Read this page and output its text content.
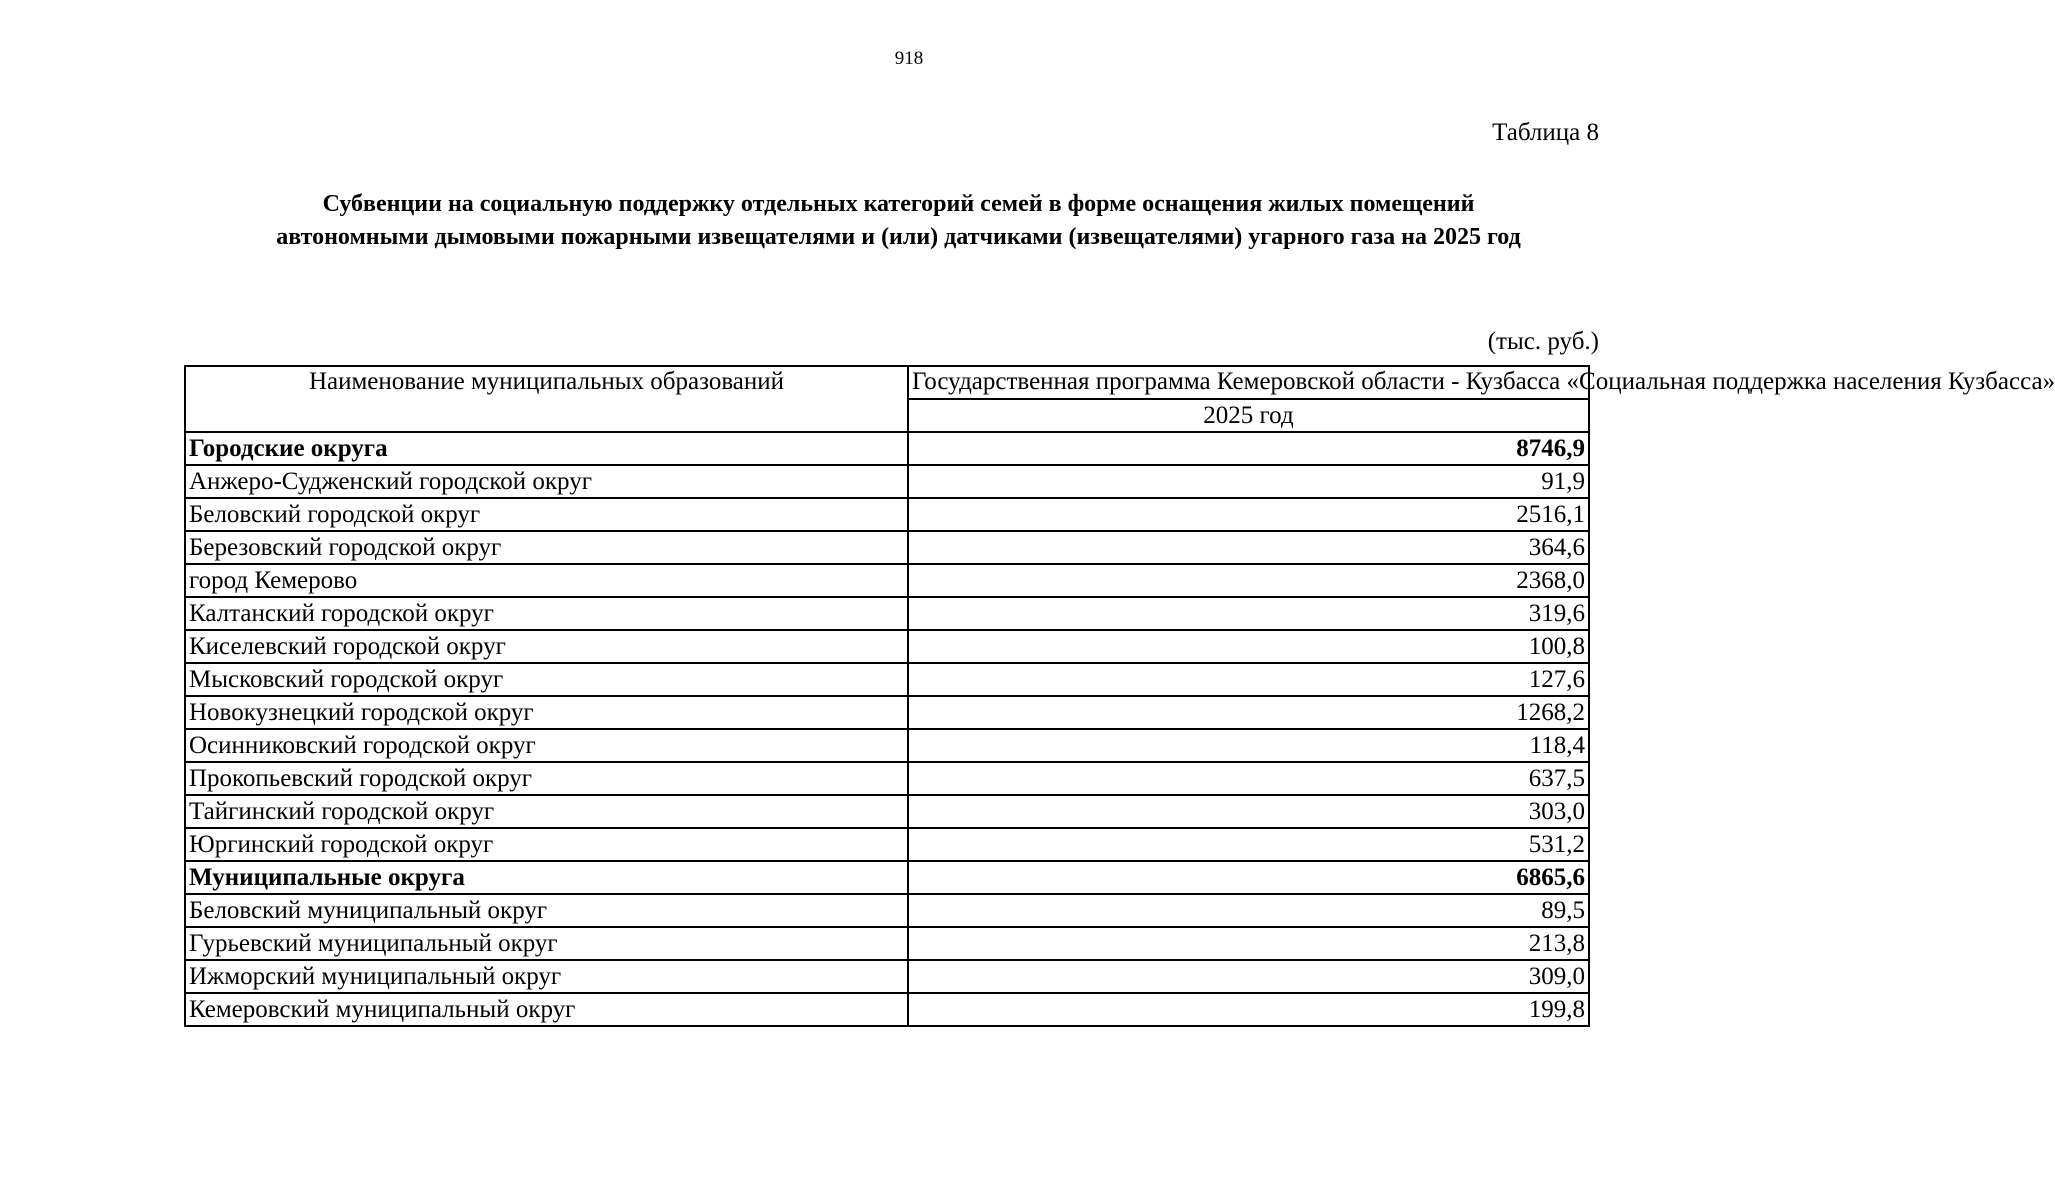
918
Таблица 8
Субвенции на социальную поддержку отдельных категорий семей в форме оснащения жилых помещений
автономными дымовыми пожарными извещателями и (или) датчиками (извещателями) угарного газа на 2025 год
(тыс. руб.)
Наименование муниципальных образований	Государственная программа Кемеровской области - Кузбасса «Социальная поддержка населения Кузбасса»
	2025 год
Городские округа	8746,9
Анжеро-Судженский городской округ	91,9
Беловский городской округ	2516,1
Березовский городской округ	364,6
город Кемерово	2368,0
Калтанский городской округ	319,6
Киселевский городской округ	100,8
Мысковский городской округ	127,6
Новокузнецкий городской округ	1268,2
Осинниковский городской округ	118,4
Прокопьевский городской округ	637,5
Тайгинский городской округ	303,0
Юргинский городской округ	531,2
Муниципальные округа	6865,6
Беловский муниципальный округ	89,5
Гурьевский муниципальный округ	213,8
Ижморский муниципальный округ	309,0
Кемеровский муниципальный округ	199,8
